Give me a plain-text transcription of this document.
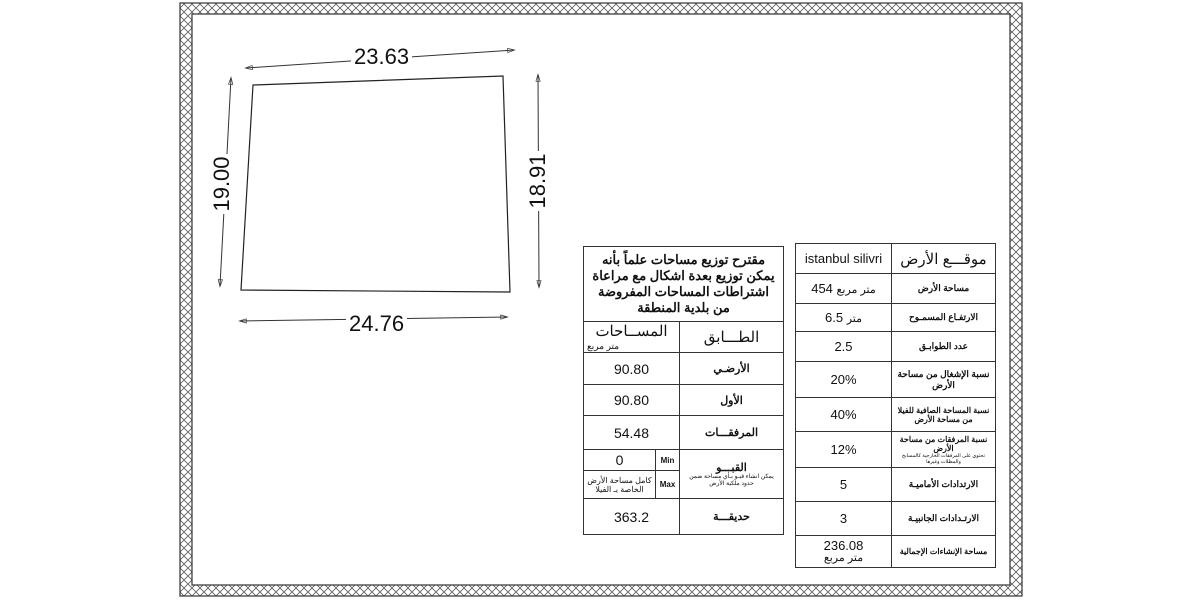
23.63
24.76
19.00	18.91
مقترح توزيع مساحات علماً بأنه يمكن توزيع بعدة اشكال مع مراعاة اشتراطات المساحات المفروضة من بلدية المنطقة		
المســاحات
متر مربع		الطـــابق
90.80		الأرضـي
90.80		الأول
54.48		المرفقـــات
0	Min	القبـــو
يمكن انشاء قبـو بـأي مساحة ضمن حدود ملكية الأرض

كامل مساحة الأرض الخاصة بـ الفيلا	Max	
363.2		حديقـــة
istanbul silivri	موقـــع الأرض
454 متر مربع	مساحة الأرض
6.5 متر	الارتفـاع المسمـوح
2.5	عدد الطوابـق
20%	نسبة الإشغال من مساحة الأرض
40%	نسبة المساحة الصافية للفيلا من مساحة الأرض
12%	نسبة المرفقات من مساحة الأرض
تحتوي على المرفقات الخارجية كالمسابح والمظلات وغيرها

5	الارتدادات الأماميـة
3	الارتـدادات الجانبيـة

236.08
متر مربع	مساحة الإنشاءات الإجمالية
